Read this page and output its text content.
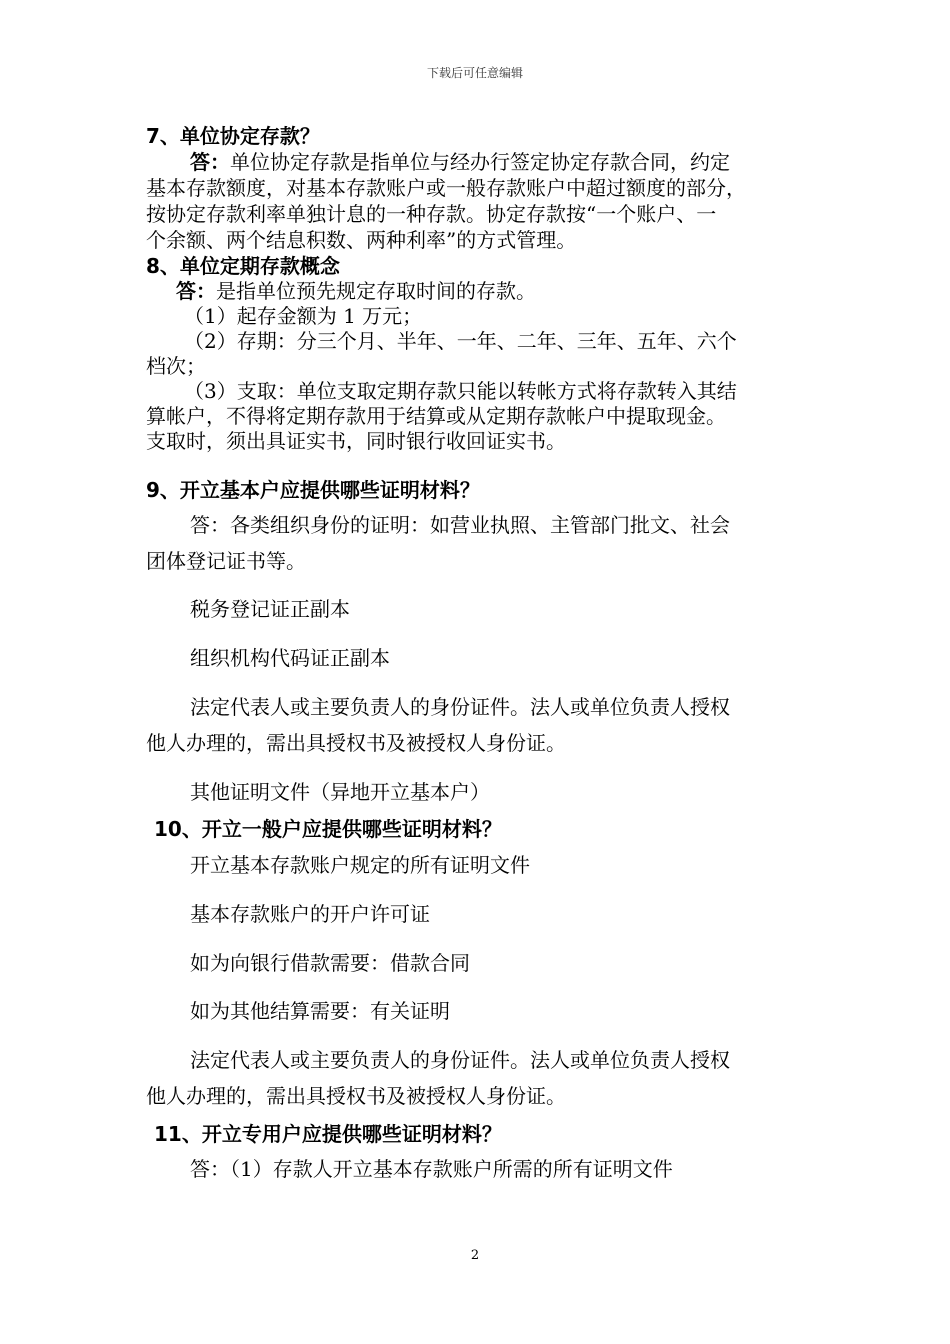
下载后可任意编辑
7、单位协定存款？
答：单位协定存款是指单位与经办行签定协定存款合同，约定
基本存款额度，对基本存款账户或一般存款账户中超过额度的部分，
按协定存款利率单独计息的一种存款。协定存款按“一个账户、一
个余额、两个结息积数、两种利率”的方式管理。
8、单位定期存款概念
答：是指单位预先规定存取时间的存款。
（1）起存金额为 1 万元；
（2）存期：分三个月、半年、一年、二年、三年、五年、六个
档次；
（3）支取：单位支取定期存款只能以转帐方式将存款转入其结
算帐户，不得将定期存款用于结算或从定期存款帐户中提取现金。
支取时，须出具证实书，同时银行收回证实书。
9、开立基本户应提供哪些证明材料？
答：各类组织身份的证明：如营业执照、主管部门批文、社会
团体登记证书等。
税务登记证正副本
组织机构代码证正副本
法定代表人或主要负责人的身份证件。法人或单位负责人授权
他人办理的，需出具授权书及被授权人身份证。
其他证明文件（异地开立基本户）
10、开立一般户应提供哪些证明材料？
开立基本存款账户规定的所有证明文件
基本存款账户的开户许可证
如为向银行借款需要：借款合同
如为其他结算需要：有关证明
法定代表人或主要负责人的身份证件。法人或单位负责人授权
他人办理的，需出具授权书及被授权人身份证。
11、开立专用户应提供哪些证明材料？
答：（1）存款人开立基本存款账户所需的所有证明文件
2
